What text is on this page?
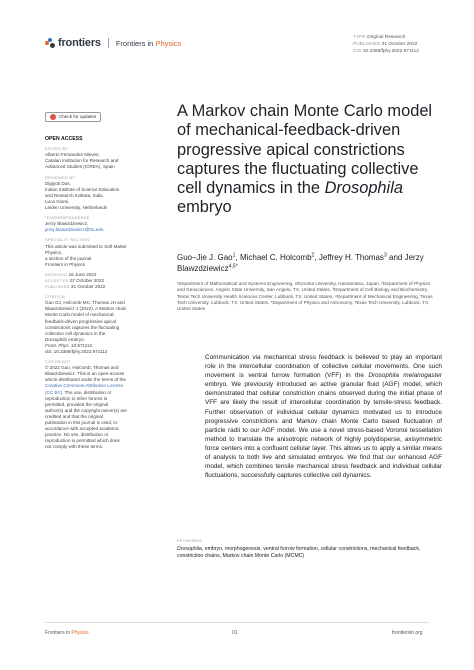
frontiers Frontiers in Physics
TYPE Original Research
PUBLISHED 31 October 2022
DOI 10.3389/fphy.2022.971112
Check for updates
OPEN ACCESS
EDITED BY
Alberto Fernandez-Nieves,
Catalan Institution for Research and
Advanced Studies (ICREA), Spain
REVIEWED BY
Dipjyoti Das,
Indian Institute of Science Education
and Research Kolkata, India
Luca Giomi,
Leiden University, Netherlands
*CORRESPONDENCE
Jerzy Blawzdziewicz,
jerzy.blawzdziewicz@ttu.edu
SPECIALTY SECTION
This article was submitted to Soft Matter
Physics,
a section of the journal
Frontiers in Physics
RECEIVED 16 June 2022
ACCEPTED 07 October 2022
PUBLISHED 31 October 2022
CITATION
Gao GJ, Holcomb MC, Thomas JH and
Blawzdziewicz J (2022), A Markov chain
Monte Carlo model of mechanical-
feedback-driven progressive apical
constrictions captures the fluctuating
collective cell dynamics in the
Drosophila embryo.
Front. Phys. 10:971112.
doi: 10.3389/fphy.2022.971112
COPYRIGHT
© 2022 Gao, Holcomb, Thomas and
Blawzdziewicz. This is an open-access
article distributed under the terms of the
Creative Commons Attribution License
(CC BY). The use, distribution or
reproduction in other forums is
permitted, provided the original
author(s) and the copyright owner(s) are
credited and that the original
publication in this journal is cited, in
accordance with accepted academic
practice. No use, distribution or
reproduction is permitted which does
not comply with these terms.
A Markov chain Monte Carlo model of mechanical-feedback-driven progressive apical constrictions captures the fluctuating collective cell dynamics in the Drosophila embryo
Guo–Jie J. Gao$^1$, Michael C. Holcomb$^2$, Jeffrey H. Thomas$^3$ and Jerzy Blawzdziewicz$^{4,5*}$
¹Department of Mathematical and Systems Engineering, Shizuoka University, Hamamatsu, Japan, ²Department of Physics and Geosciences, Angelo State University, San Angelo, TX, United States, ³Department of Cell Biology and Biochemistry, Texas Tech University Health Sciences Center, Lubbock, TX, United States, ⁴Department of Mechanical Engineering, Texas Tech University, Lubbock, TX, United States, ⁵Department of Physics and Astronomy, Texas Tech University, Lubbock, TX, United States
Communication via mechanical stress feedback is believed to play an important role in the intercellular coordination of collective cellular movements. One such movement is ventral furrow formation (VFF) in the Drosophila melanogaster embryo. We previously introduced an active granular fluid (AGF) model, which demonstrated that cellular constriction chains observed during the initial phase of VFF are likely the result of intercellular coordination by tensile-stress feedback. Further observation of individual cellular dynamics motivated us to introduce progressive constrictions and Markov chain Monte Carlo based fluctuation of particle radii to our AGF model. We use a novel stress-based Voronoi tessellation method to translate the anisotropic network of highly polydisperse, axisymmetric force centers into a confluent cellular layer. This allows us to apply a similar means of analysis to both live and simulated embryos. We find that our enhanced AGF model, which combines tensile mechanical stress feedback and individual cellular fluctuations, successfully captures collective cell dynamics.
KEYWORDS
Drosophila, embryo, morphogenesis, ventral furrow formation, cellular constrictions, mechanical feedback, constriction chains, Markov chain Monte Carlo (MCMC)
Frontiers in Physics	01	frontiersin.org
